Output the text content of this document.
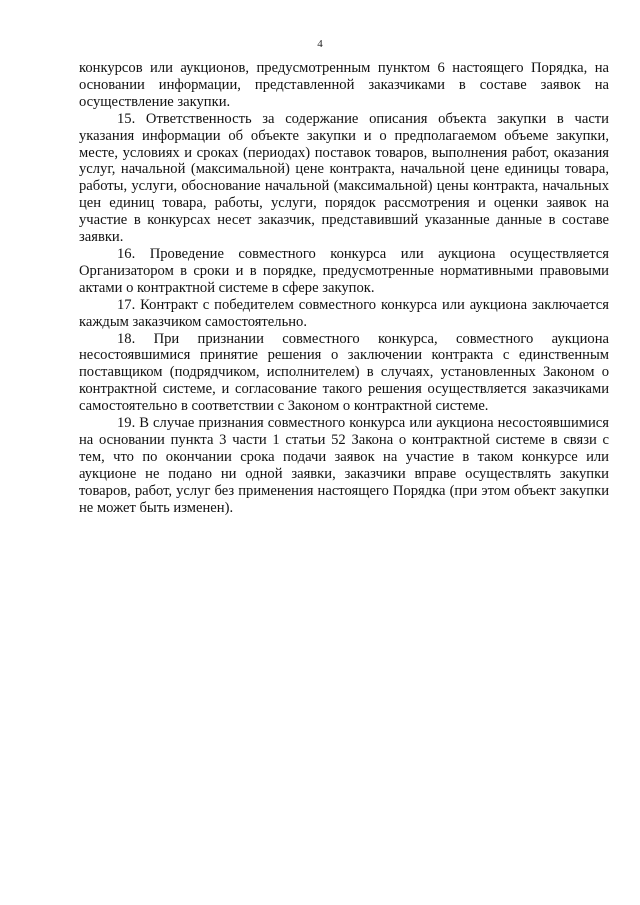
4

конкурсов или аукционов, предусмотренным пунктом 6 настоящего Порядка, на основании информации, представленной заказчиками в составе заявок на осуществление закупки.

15. Ответственность за содержание описания объекта закупки в части указания информации об объекте закупки и о предполагаемом объеме закупки, месте, условиях и сроках (периодах) поставок товаров, выполнения работ, оказания услуг, начальной (максимальной) цене контракта, начальной цене единицы товара, работы, услуги, обоснование начальной (максимальной) цены контракта, начальных цен единиц товара, работы, услуги, порядок рассмотрения и оценки заявок на участие в конкурсах несет заказчик, представивший указанные данные в составе заявки.

16. Проведение совместного конкурса или аукциона осуществляется Организатором в сроки и в порядке, предусмотренные нормативными правовыми актами о контрактной системе в сфере закупок.

17. Контракт с победителем совместного конкурса или аукциона заключается каждым заказчиком самостоятельно.

18. При признании совместного конкурса, совместного аукциона несостоявшимися принятие решения о заключении контракта с единственным поставщиком (подрядчиком, исполнителем) в случаях, установленных Законом о контрактной системе, и согласование такого решения осуществляется заказчиками самостоятельно в соответствии с Законом о контрактной системе.

19. В случае признания совместного конкурса или аукциона несостоявшимися на основании пункта 3 части 1 статьи 52 Закона о контрактной системе в связи с тем, что по окончании срока подачи заявок на участие в таком конкурсе или аукционе не подано ни одной заявки, заказчики вправе осуществлять закупки товаров, работ, услуг без применения настоящего Порядка (при этом объект закупки не может быть изменен).
